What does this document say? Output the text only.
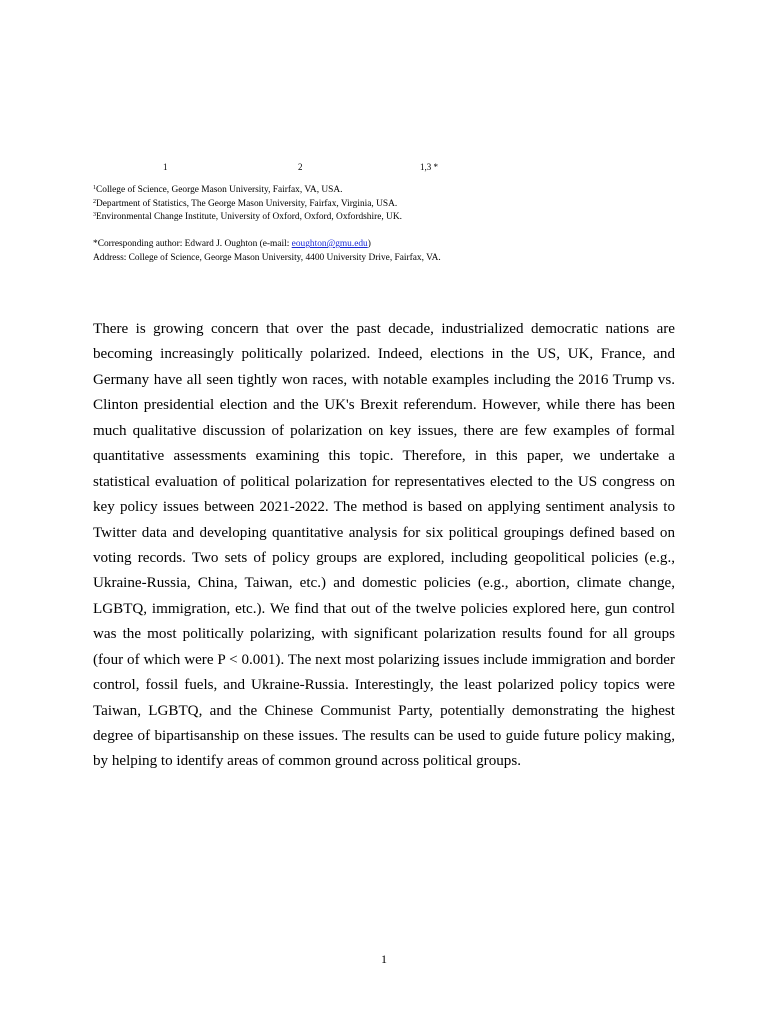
1	2	1,3 *
$^1$College of Science, George Mason University, Fairfax, VA, USA.
$^2$Department of Statistics, The George Mason University, Fairfax, Virginia, USA.
$^3$Environmental Change Institute, University of Oxford, Oxford, Oxfordshire, UK.
*Corresponding author: Edward J. Oughton (e-mail: eoughton@gmu.edu)
Address: College of Science, George Mason University, 4400 University Drive, Fairfax, VA.
There is growing concern that over the past decade, industrialized democratic nations are
becoming increasingly politically polarized. Indeed, elections in the US, UK, France, and
Germany have all seen tightly won races, with notable examples including the 2016 Trump vs.
Clinton presidential election and the UK's Brexit referendum. However, while there has been
much qualitative discussion of polarization on key issues, there are few examples of formal
quantitative assessments examining this topic. Therefore, in this paper, we undertake a
statistical evaluation of political polarization for representatives elected to the US congress on
key policy issues between 2021-2022. The method is based on applying sentiment analysis to
Twitter data and developing quantitative analysis for six political groupings defined based on
voting records. Two sets of policy groups are explored, including geopolitical policies (e.g.,
Ukraine-Russia, China, Taiwan, etc.) and domestic policies (e.g., abortion, climate change,
LGBTQ, immigration, etc.). We find that out of the twelve policies explored here, gun control
was the most politically polarizing, with significant polarization results found for all groups
(four of which were P < 0.001). The next most polarizing issues include immigration and border
control, fossil fuels, and Ukraine-Russia. Interestingly, the least polarized policy topics were
Taiwan, LGBTQ, and the Chinese Communist Party, potentially demonstrating the highest
degree of bipartisanship on these issues. The results can be used to guide future policy making,
by helping to identify areas of common ground across political groups.
1
